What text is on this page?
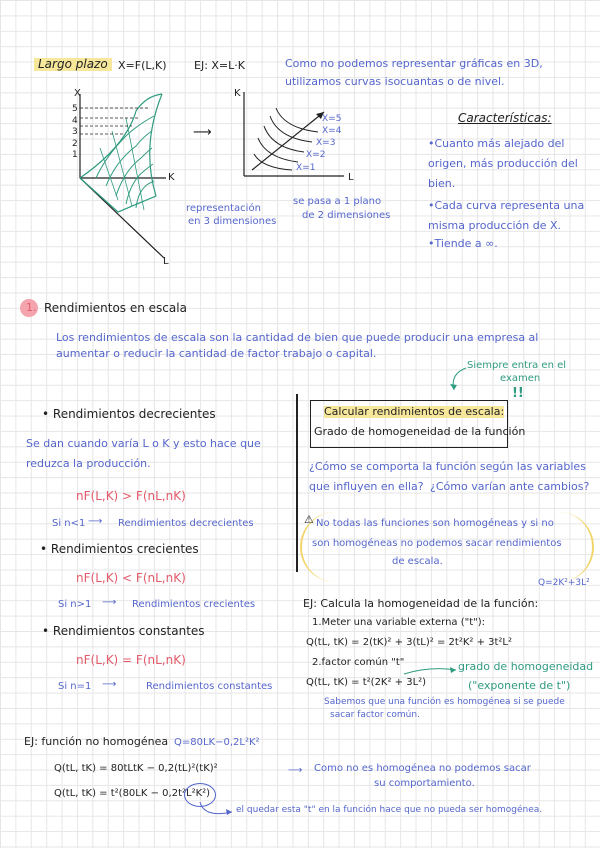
Largo plazo X=F(L,K) EJ: X=L·K	Como no podemos representar gráficas en 3D,
utilizamos curvas isocuantas o de nivel.
X
K
L
5
4
3
2
1
⟶
K
L
X=5
X=4
X=3
X=2
X=1
representación
en 3 dimensiones
se pasa a 1 plano
de 2 dimensiones
Características:
•Cuanto más alejado del origen, más producción del bien.
•Cada curva representa una misma producción de X.
•Tiende a ∞.
1. Rendimientos en escala
Los rendimientos de escala son la cantidad de bien que puede producir una empresa al
aumentar o reducir la cantidad de factor trabajo o capital.
Siempre entra en el
examen
!!
• Rendimientos decrecientes
Se dan cuando varía L o K y esto hace que
reduzca la producción.
nF(L,K) > F(nL,nK)
Si n<1 ⟶ Rendimientos decrecientes
• Rendimientos crecientes
nF(L,K) < F(nL,nK)
Si n>1 ⟶ Rendimientos crecientes
• Rendimientos constantes
nF(L,K) = F(nL,nK)
Si n=1 ⟶	Rendimientos constantes
Calcular rendimientos de escala:
Grado de homogeneidad de la función
¿Cómo se comporta la función según las variables
que influyen en ella? ¿Cómo varían ante cambios?
⚠ No todas las funciones son homogéneas y si no
son homogéneas no podemos sacar rendimientos
de escala.
Q=2K²+3L²
EJ: Calcula la homogeneidad de la función:
1.Meter una variable externa ("t"):
Q(tL, tK) = 2(tK)² + 3(tL)² = 2t²K² + 3t²L²
2.factor común "t"
Q(tL, tK) = t²(2K² + 3L²)
grado de homogeneidad
("exponente de t")
Sabemos que una función es homogénea si se puede
sacar factor común.
EJ: función no homogénea Q=80LK−0,2L²K²
Q(tL, tK) = 80tLtK − 0,2(tL)²(tK)²
Q(tL, tK) = t²(80LK − 0,2t²L²K²)
⟶ Como no es homogénea no podemos sacar
su comportamiento.
el quedar esta "t" en la función hace que no pueda ser homogénea.
